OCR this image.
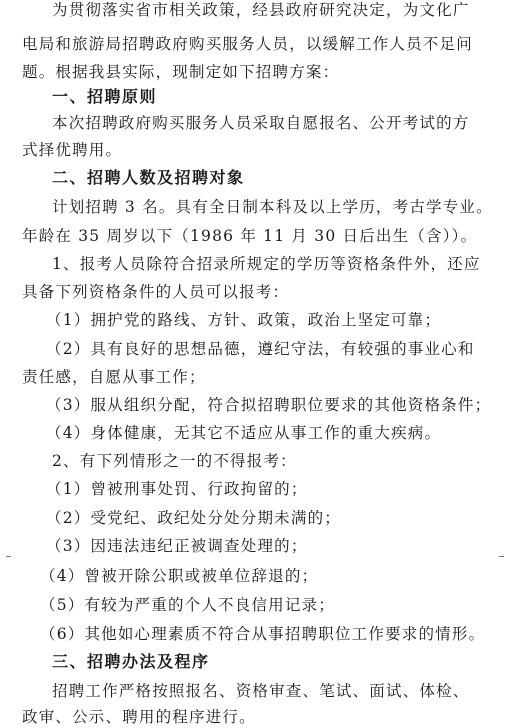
为贯彻落实省市相关政策，经县政府研究决定，为文化广
电局和旅游局招聘政府购买服务人员，以缓解工作人员不足问
题。根据我县实际，现制定如下招聘方案：
一、招聘原则
本次招聘政府购买服务人员采取自愿报名、公开考试的方
式择优聘用。
二、招聘人数及招聘对象
计划招聘 3 名。具有全日制本科及以上学历，考古学专业。
年龄在 35 周岁以下（1986 年 11 月 30 日后出生（含））。
1、报考人员除符合招录所规定的学历等资格条件外，还应
具备下列资格条件的人员可以报考：
（1）拥护党的路线、方针、政策，政治上坚定可靠；
（2）具有良好的思想品德，遵纪守法，有较强的事业心和
责任感，自愿从事工作；
（3）服从组织分配，符合拟招聘职位要求的其他资格条件；
（4）身体健康，无其它不适应从事工作的重大疾病。
2、有下列情形之一的不得报考：
（1）曾被刑事处罚、行政拘留的；
（2）受党纪、政纪处分处分期未满的；
（3）因违法违纪正被调查处理的；
（4）曾被开除公职或被单位辞退的；
（5）有较为严重的个人不良信用记录；
（6）其他如心理素质不符合从事招聘职位工作要求的情形。
三、招聘办法及程序
招聘工作严格按照报名、资格审查、笔试、面试、体检、
政审、公示、聘用的程序进行。
